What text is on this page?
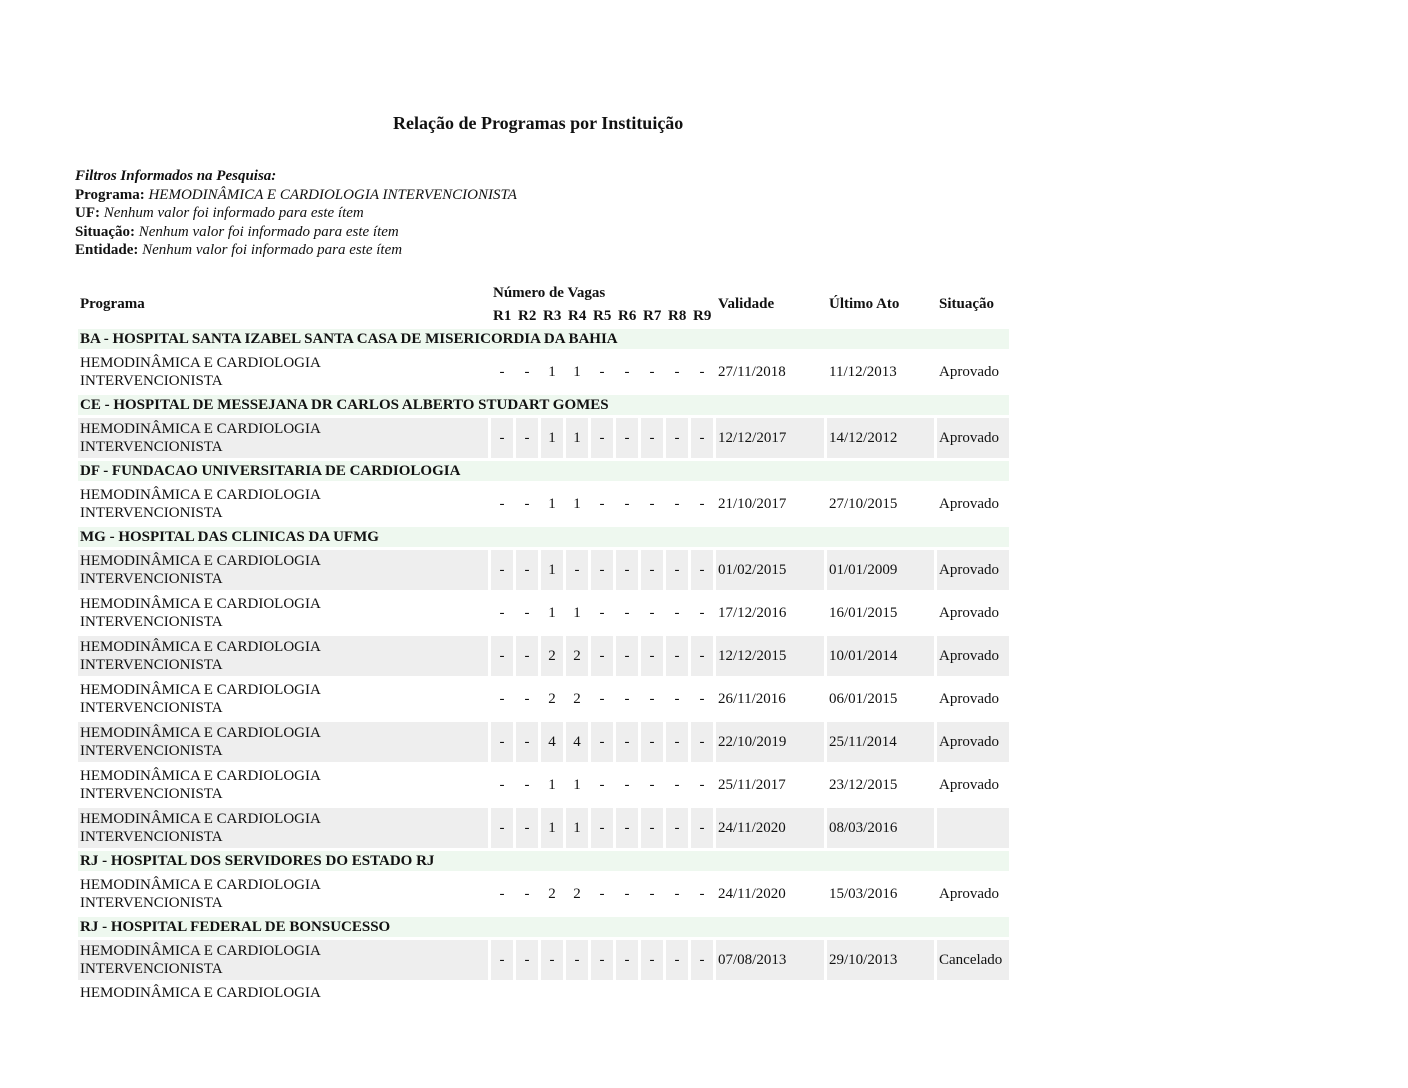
Relação de Programas por Instituição
Filtros Informados na Pesquisa:
Programa: HEMODINÂMICA E CARDIOLOGIA INTERVENCIONISTA
UF: Nenhum valor foi informado para este ítem
Situação: Nenhum valor foi informado para este ítem
Entidade: Nenhum valor foi informado para este ítem
Programa	Número de Vagas									Validade	Último Ato	Situação
	R1	R2	R3	R4	R5	R6	R7	R8	R9			
BA - HOSPITAL SANTA IZABEL SANTA CASA DE MISERICORDIA DA BAHIA												

HEMODINÂMICA E CARDIOLOGIA
INTERVENCIONISTA	-	-	1	1	-	-	-	-	-	27/11/2018	11/12/2013	Aprovado
CE - HOSPITAL DE MESSEJANA DR CARLOS ALBERTO STUDART GOMES												

HEMODINÂMICA E CARDIOLOGIA
INTERVENCIONISTA	-	-	1	1	-	-	-	-	-	12/12/2017	14/12/2012	Aprovado
DF - FUNDACAO UNIVERSITARIA DE CARDIOLOGIA												

HEMODINÂMICA E CARDIOLOGIA
INTERVENCIONISTA	-	-	1	1	-	-	-	-	-	21/10/2017	27/10/2015	Aprovado
MG - HOSPITAL DAS CLINICAS DA UFMG												

HEMODINÂMICA E CARDIOLOGIA
INTERVENCIONISTA	-	-	1	-	-	-	-	-	-	01/02/2015	01/01/2009	Aprovado

HEMODINÂMICA E CARDIOLOGIA
INTERVENCIONISTA	-	-	1	1	-	-	-	-	-	17/12/2016	16/01/2015	Aprovado

HEMODINÂMICA E CARDIOLOGIA
INTERVENCIONISTA	-	-	2	2	-	-	-	-	-	12/12/2015	10/01/2014	Aprovado

HEMODINÂMICA E CARDIOLOGIA
INTERVENCIONISTA	-	-	2	2	-	-	-	-	-	26/11/2016	06/01/2015	Aprovado

HEMODINÂMICA E CARDIOLOGIA
INTERVENCIONISTA	-	-	4	4	-	-	-	-	-	22/10/2019	25/11/2014	Aprovado

HEMODINÂMICA E CARDIOLOGIA
INTERVENCIONISTA	-	-	1	1	-	-	-	-	-	25/11/2017	23/12/2015	Aprovado

HEMODINÂMICA E CARDIOLOGIA
INTERVENCIONISTA	-	-	1	1	-	-	-	-	-	24/11/2020	08/03/2016	
RJ - HOSPITAL DOS SERVIDORES DO ESTADO RJ												

HEMODINÂMICA E CARDIOLOGIA
INTERVENCIONISTA	-	-	2	2	-	-	-	-	-	24/11/2020	15/03/2016	Aprovado
RJ - HOSPITAL FEDERAL DE BONSUCESSO												

HEMODINÂMICA E CARDIOLOGIA
INTERVENCIONISTA	-	-	-	-	-	-	-	-	-	07/08/2013	29/10/2013	Cancelado
HEMODINÂMICA E CARDIOLOGIA												
